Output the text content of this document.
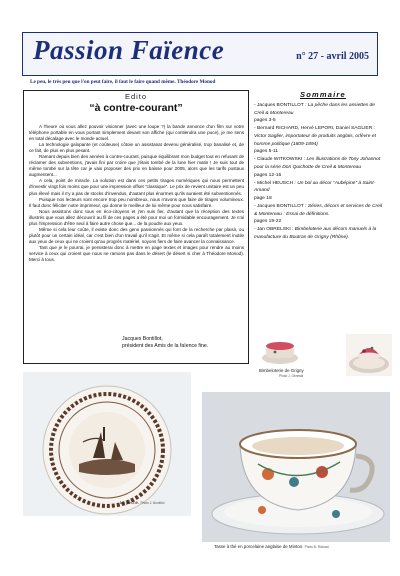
Passion Faïence	n° 27 - avril 2005
Le peu, le très peu que l'on peut faire, il faut le faire quand même. Théodore Monod
Edito
“à contre-courant”

A l'heure où vous allez pouvoir visionner (avec une loupe ?) la bande annonce d'un film sur votre téléphone portable en vous portant simplement devant son affiche (qui contiendra une puce), je me sens en total décalage avec le monde actuel.

La technologie galopante (et coûteuse) côtoie un assistanat devenu généralisé, trop banalisé et, de ce fait, de plus en plus pesant.

Ramant depuis bien des années à contre-courant, puisque équilibrant mon budget tout en refusant de réclamer des subventions, j'avais fini par croire que j'étais tombé de la lune hier matin ! Je suis tout de même tombé sur la tête car je vais proposer des prix en baisse pour 2005, alors que les tarifs postaux augmentent...

A cela, point de miracle. La solution est dans ces petits tirages numériques qui nous permettent d'investir vingt fois moins que pour une impression offset “classique”. Le prix de revient unitaire est un peu plus élevé mais il n'y a pas de stocks d'invendus, d'autant plus énormes qu'ils auraient été subventionnés.

Puisque nos lecteurs sont encore trop peu nombreux, nous n'avons que faire de tirages volumineux. Il faut donc féliciter notre imprimeur, qui donne le meilleur de lui même pour nous satisfaire.

Nous assistons donc tous en éco-citoyens et j'en suis fier, d'autant que la réception des textes illustrés que vous allez découvrir au fil de ces pages a été pour moi un formidable encouragement. Je n'ai plus l'impression d'être seul à faire autre chose que... de la poudre aux yeux.

Même si cela leur coûte, il existe donc des gens passionnés qui font de la recherche par plaisir, ou plutôt pour un certain idéal, car c'est bien d'un travail qu'il s'agit. Et même si cela paraît totalement inutile aux yeux de ceux qui ne croient qu'au progrès matériel, soyons fiers de faire avancer la connaissance.

Tant que je le pourrai, je persisterai donc à mettre en page textes et images pour rendre au moins service à ceux qui croient que nous ne ramons pas dans le désert (le désert si cher à Théodore Monod). Merci à tous.

Jacques Bontillot,
président des Amis de la faïence fine.
Sommaire
- Jacques BONTILLOT : La pêche dans les assiettes de Creil & Montereau
pages 3-5
- Bernard RICHARD, Hervé LEPORI, Daniel SAGLIER : Victor Saglier, importateur de produits anglais, orfèvre et homme politique (1809-1894)
pages 5-11
- Claude WITKOWSKI : Les illustrations de Tony Johannot pour la série Don Quichotte de Creil & Montereau
pages 12-15
- Michel HEUSCH : Un bol au décor “Aubépine” à Saint-Amand
page 18
- Jacques BONTILLOT : Séries, décors et services de Creil & Montereau : Essai de définitions.
pages 19-22
- Jan OBRELSKI : Bimbeloterie aux décors manuels à la manufacture du Boutras de Grigny (Rhône).
Bimbeloterie de Grigny
Photo J. Obrelski
La pêche. Photo J. Bontillot
Tasse à thé en porcelaine anglaise de Minton. Photo B. Richard
